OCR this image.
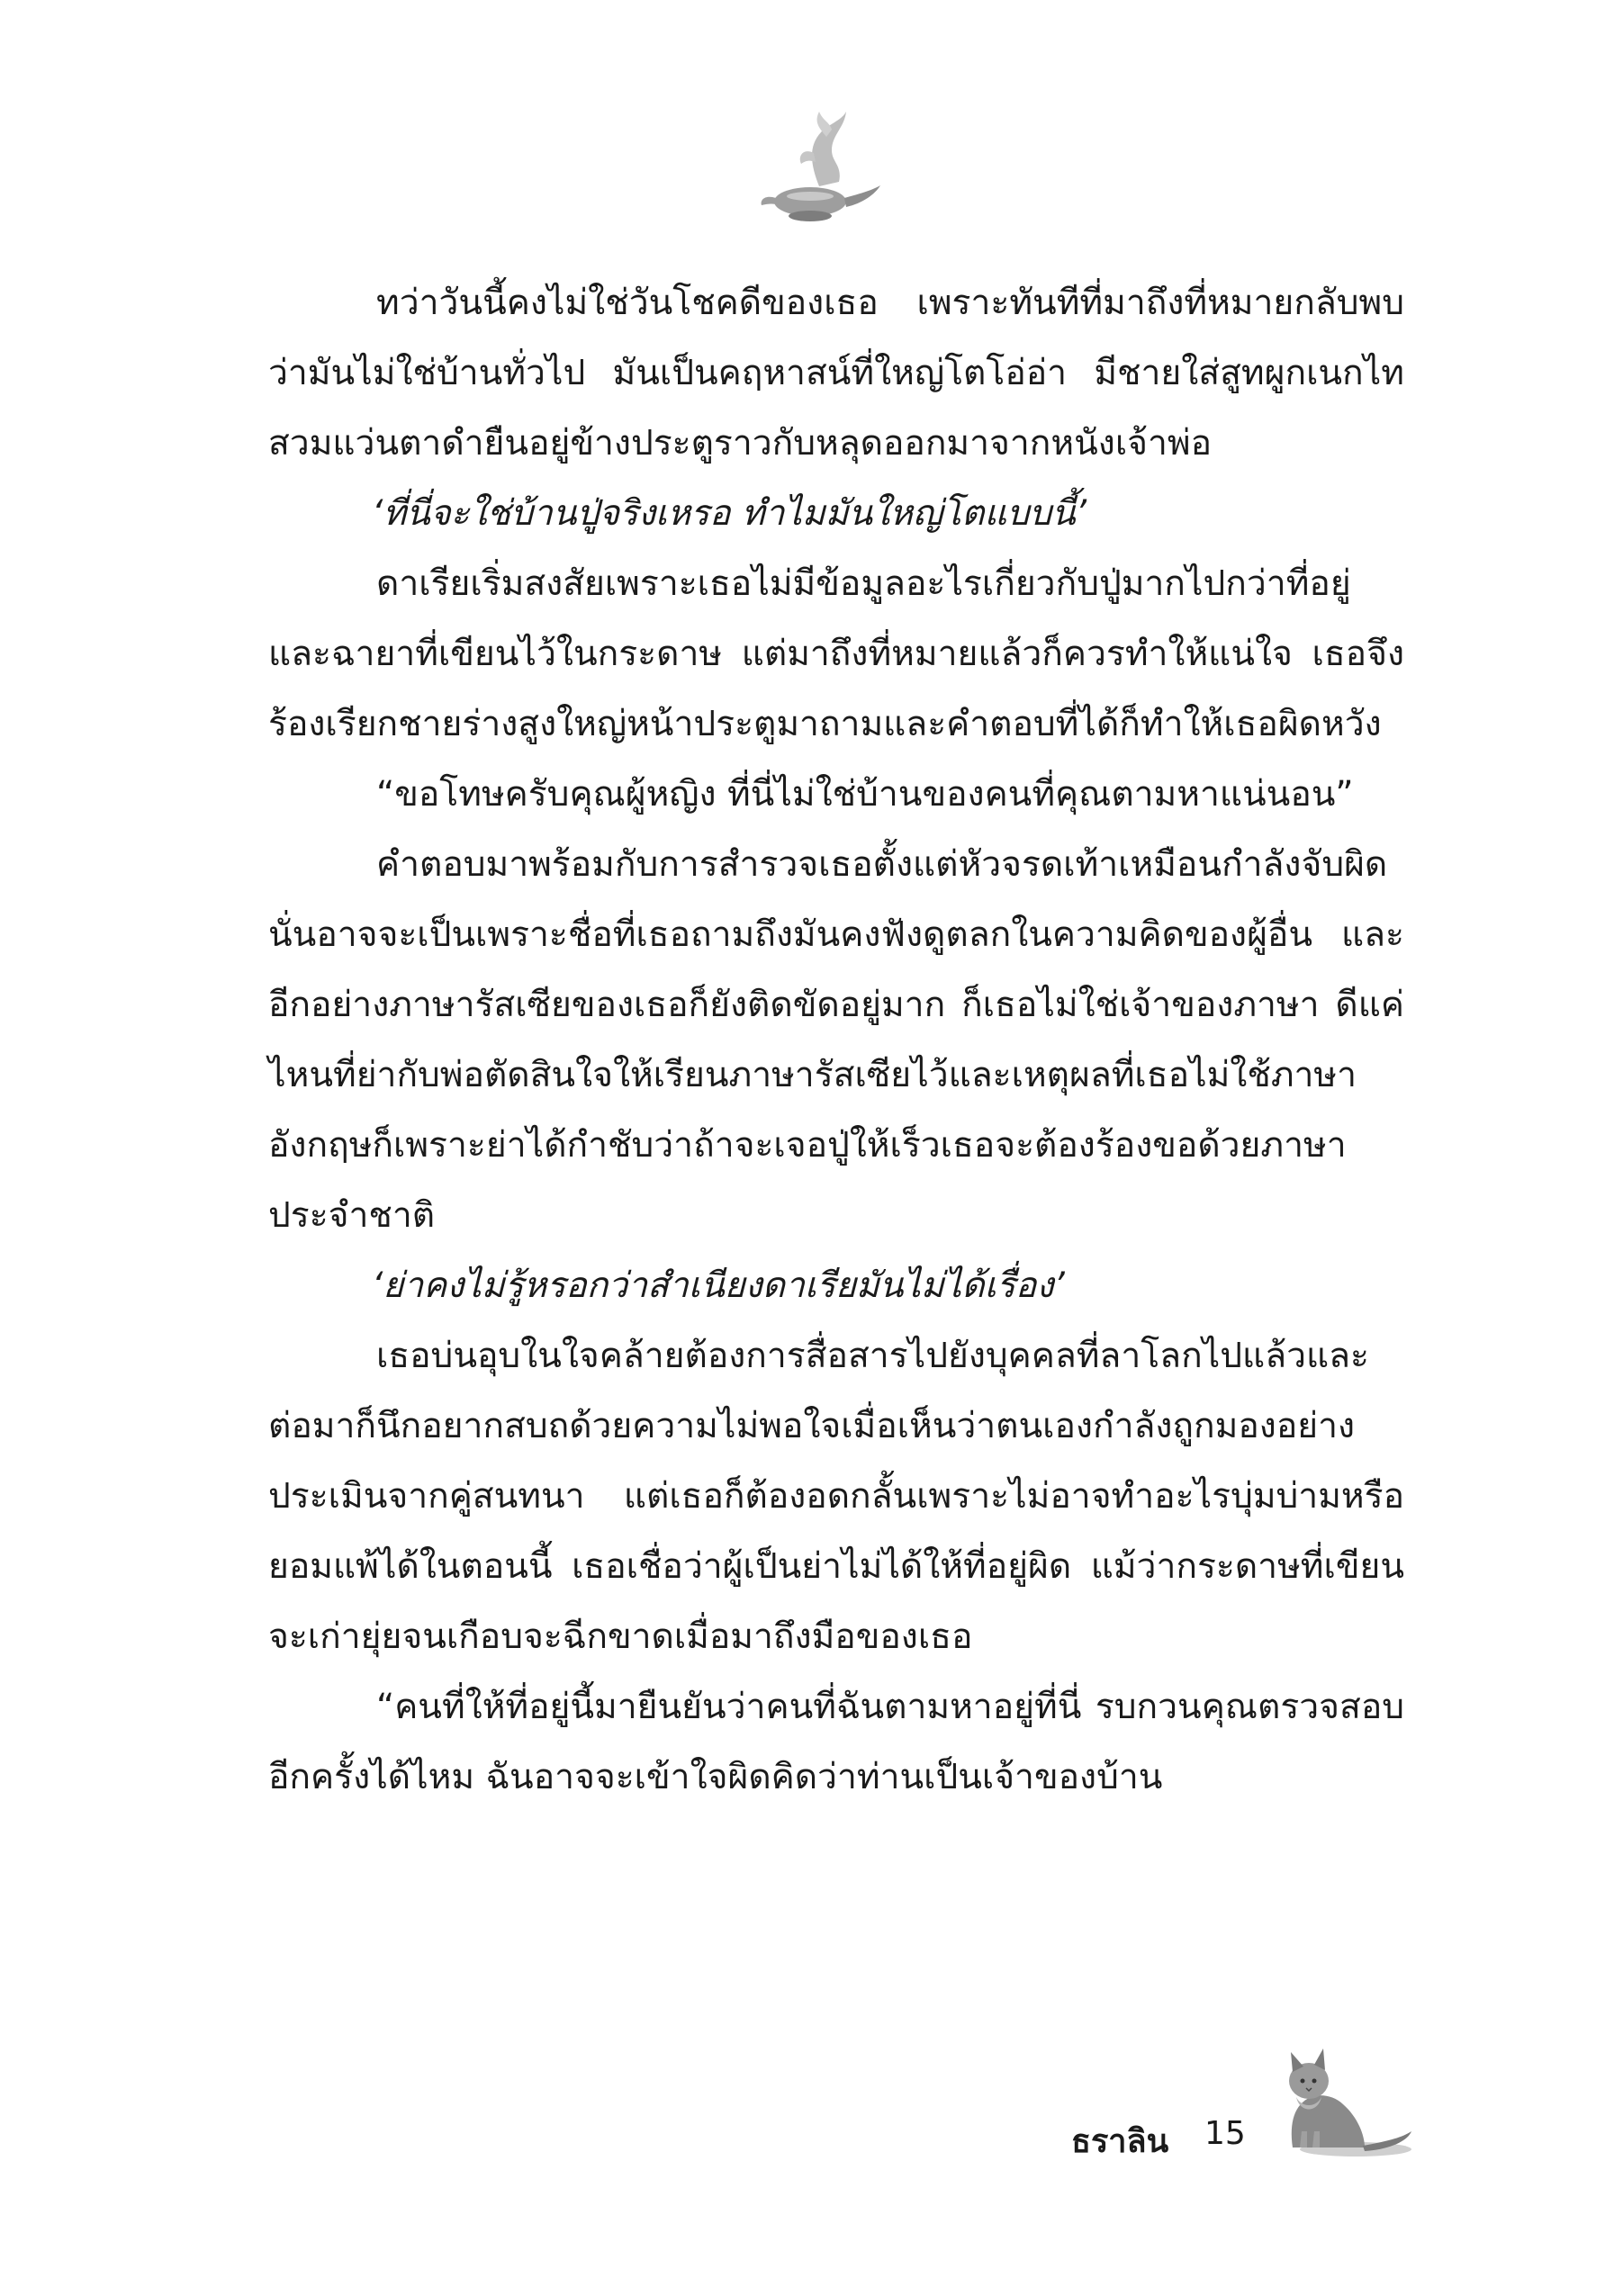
ทว่าวันนี้คงไม่ใช่วันโชคดีของเธอ เพราะทันทีที่มาถึงที่หมายกลับพบว่ามันไม่ใช่บ้านทั่วไป มันเป็นคฤหาสน์ที่ใหญ่โตโอ่อ่า มีชายใส่สูทผูกเนกไทสวมแว่นตาดำยืนอยู่ข้างประตูราวกับหลุดออกมาจากหนังเจ้าพ่อ

‘ที่นี่จะใช่บ้านปู่จริงเหรอ ทำไมมันใหญ่โตแบบนี้’

ดาเรียเริ่มสงสัยเพราะเธอไม่มีข้อมูลอะไรเกี่ยวกับปู่มากไปกว่าที่อยู่และฉายาที่เขียนไว้ในกระดาษ แต่มาถึงที่หมายแล้วก็ควรทำให้แน่ใจ เธอจึงร้องเรียกชายร่างสูงใหญ่หน้าประตูมาถามและคำตอบที่ได้ก็ทำให้เธอผิดหวัง

“ขอโทษครับคุณผู้หญิง ที่นี่ไม่ใช่บ้านของคนที่คุณตามหาแน่นอน”

คำตอบมาพร้อมกับการสำรวจเธอตั้งแต่หัวจรดเท้าเหมือนกำลังจับผิด นั่นอาจจะเป็นเพราะชื่อที่เธอถามถึงมันคงฟังดูตลกในความคิดของผู้อื่น และอีกอย่างภาษารัสเซียของเธอก็ยังติดขัดอยู่มาก ก็เธอไม่ใช่เจ้าของภาษา ดีแค่ไหนที่ย่ากับพ่อตัดสินใจให้เรียนภาษารัสเซียไว้และเหตุผลที่เธอไม่ใช้ภาษาอังกฤษก็เพราะย่าได้กำชับว่าถ้าจะเจอปู่ให้เร็วเธอจะต้องร้องขอด้วยภาษาประจำชาติ

‘ย่าคงไม่รู้หรอกว่าสำเนียงดาเรียมันไม่ได้เรื่อง’

เธอบ่นอุบในใจคล้ายต้องการสื่อสารไปยังบุคคลที่ลาโลกไปแล้วและต่อมาก็นึกอยากสบถด้วยความไม่พอใจเมื่อเห็นว่าตนเองกำลังถูกมองอย่างประเมินจากคู่สนทนา แต่เธอก็ต้องอดกลั้นเพราะไม่อาจทำอะไรบุ่มบ่ามหรือยอมแพ้ได้ในตอนนี้ เธอเชื่อว่าผู้เป็นย่าไม่ได้ให้ที่อยู่ผิด แม้ว่ากระดาษที่เขียนจะเก่ายุ่ยจนเกือบจะฉีกขาดเมื่อมาถึงมือของเธอ

“คนที่ให้ที่อยู่นี้มายืนยันว่าคนที่ฉันตามหาอยู่ที่นี่ รบกวนคุณตรวจสอบอีกครั้งได้ไหม ฉันอาจจะเข้าใจผิดคิดว่าท่านเป็นเจ้าของบ้าน

ธราลิน 15
